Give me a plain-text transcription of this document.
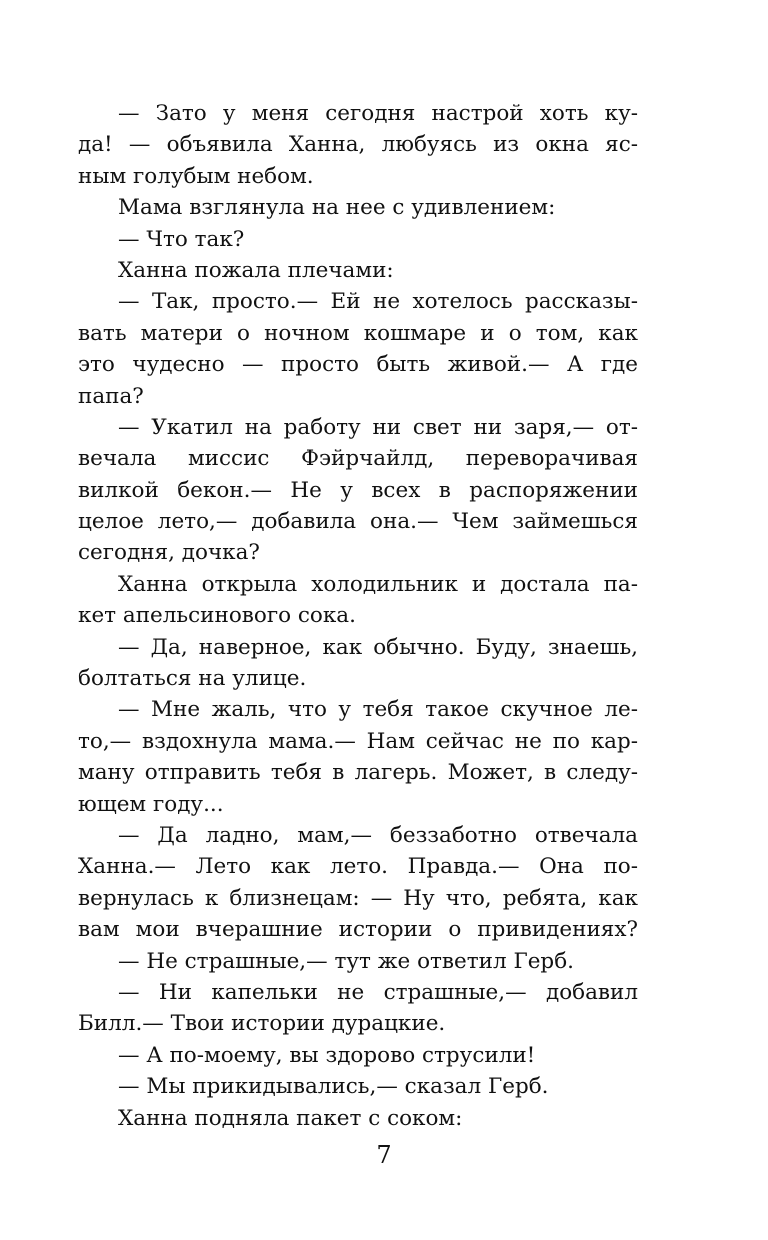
— Зато у меня сегодня настрой хоть ку-
да! — объявила Ханна, любуясь из окна яс-
ным голубым небом.
Мама взглянула на нее с удивлением:
— Что так?
Ханна пожала плечами:
— Так, просто.— Ей не хотелось рассказы-
вать матери о ночном кошмаре и о том, как
это чудесно — просто быть живой.— А где
папа?
— Укатил на работу ни свет ни заря,— от-
вечала миссис Фэйрчайлд, переворачивая
вилкой бекон.— Не у всех в распоряжении
целое лето,— добавила она.— Чем займешься
сегодня, дочка?
Ханна открыла холодильник и достала па-
кет апельсинового сока.
— Да, наверное, как обычно. Буду, знаешь,
болтаться на улице.
— Мне жаль, что у тебя такое скучное ле-
то,— вздохнула мама.— Нам сейчас не по кар-
ману отправить тебя в лагерь. Может, в следу-
ющем году...
— Да ладно, мам,— беззаботно отвечала
Ханна.— Лето как лето. Правда.— Она по-
вернулась к близнецам: — Ну что, ребята, как
вам мои вчерашние истории о привидениях?
— Не страшные,— тут же ответил Герб.
— Ни капельки не страшные,— добавил
Билл.— Твои истории дурацкие.
— А по-моему, вы здорово струсили!
— Мы прикидывались,— сказал Герб.
Ханна подняла пакет с соком:
7
